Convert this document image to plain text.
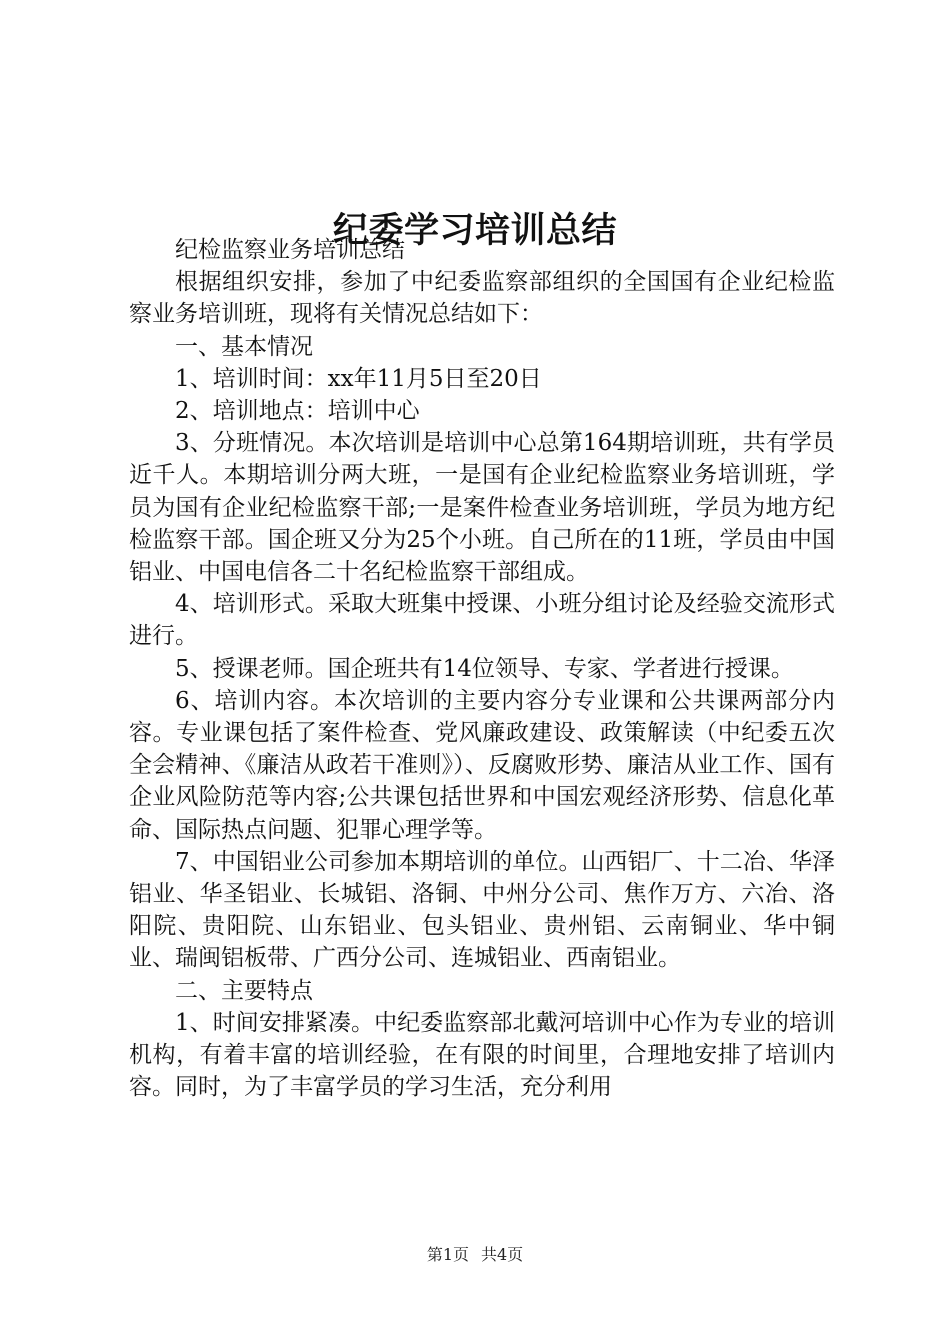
纪委学习培训总结

纪检监察业务培训总结

根据组织安排，参加了中纪委监察部组织的全国国有企业纪检监察业务培训班，现将有关情况总结如下：

一、基本情况

1、培训时间：xx年11月5日至20日

2、培训地点：培训中心

3、分班情况。本次培训是培训中心总第164期培训班，共有学员近千人。本期培训分两大班，一是国有企业纪检监察业务培训班，学员为国有企业纪检监察干部;一是案件检查业务培训班，学员为地方纪检监察干部。国企班又分为25个小班。自己所在的11班，学员由中国铝业、中国电信各二十名纪检监察干部组成。

4、培训形式。采取大班集中授课、小班分组讨论及经验交流形式进行。

5、授课老师。国企班共有14位领导、专家、学者进行授课。

6、培训内容。本次培训的主要内容分专业课和公共课两部分内容。专业课包括了案件检查、党风廉政建设、政策解读（中纪委五次全会精神、《廉洁从政若干准则》）、反腐败形势、廉洁从业工作、国有企业风险防范等内容;公共课包括世界和中国宏观经济形势、信息化革命、国际热点问题、犯罪心理学等。

7、中国铝业公司参加本期培训的单位。山西铝厂、十二冶、华泽铝业、华圣铝业、长城铝、洛铜、中州分公司、焦作万方、六冶、洛阳院、贵阳院、山东铝业、包头铝业、贵州铝、云南铜业、华中铜业、瑞闽铝板带、广西分公司、连城铝业、西南铝业。

二、主要特点

1、时间安排紧凑。中纪委监察部北戴河培训中心作为专业的培训机构，有着丰富的培训经验，在有限的时间里，合理地安排了培训内容。同时，为了丰富学员的学习生活，充分利用

第1页 共4页
